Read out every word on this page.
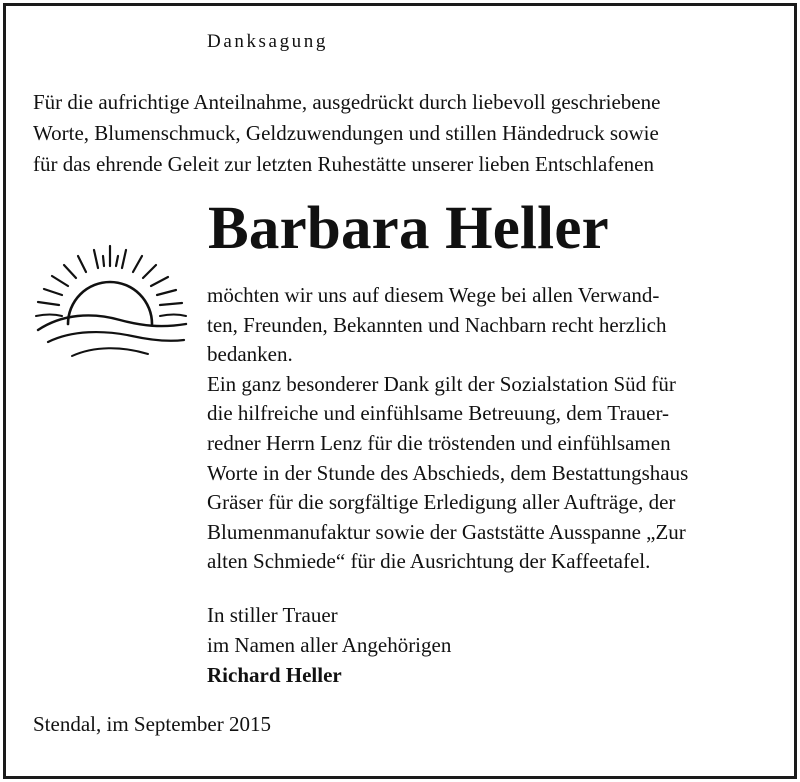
Danksagung
Für die aufrichtige Anteilnahme, ausgedrückt durch liebevoll geschriebene
Worte, Blumenschmuck, Geldzuwendungen und stillen Händedruck sowie
für das ehrende Geleit zur letzten Ruhestätte unserer lieben Entschlafenen
Barbara Heller
möchten wir uns auf diesem Wege bei allen Verwand-
ten, Freunden, Bekannten und Nachbarn recht herzlich
bedanken.
Ein ganz besonderer Dank gilt der Sozialstation Süd für
die hilfreiche und einfühlsame Betreuung, dem Trauer-
redner Herrn Lenz für die tröstenden und einfühlsamen
Worte in der Stunde des Abschieds, dem Bestattungshaus
Gräser für die sorgfältige Erledigung aller Aufträge, der
Blumenmanufaktur sowie der Gaststätte Ausspanne „Zur
alten Schmiede“ für die Ausrichtung der Kaffeetafel.
In stiller Trauer
im Namen aller Angehörigen
Richard Heller
Stendal, im September 2015
